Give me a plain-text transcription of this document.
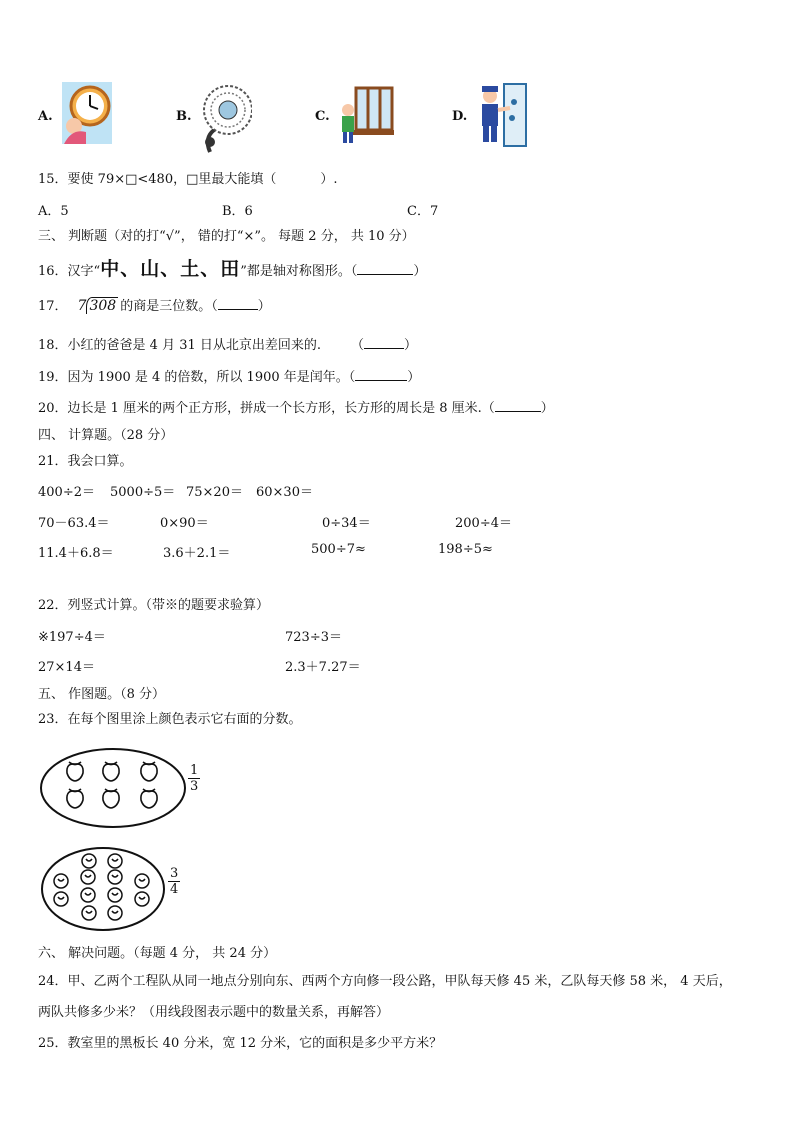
A.	B.	C.	D.
15．要使 79×□<480，□里最大能填（	）.
A．5	B．6	C．7
三、 判断题（对的打“√”， 错的打“×”。 每题 2 分， 共 10 分）
16．汉字“中、山、土、田”都是轴对称图形。（	）
17． 7 308 的商是三位数。（	）
18．小红的爸爸是 4 月 31 日从北京出差回来的. （	）
19．因为 1900 是 4 的倍数，所以 1900 年是闰年。（	）
20．边长是 1 厘米的两个正方形，拼成一个长方形，长方形的周长是 8 厘米.（	）
四、 计算题。（28 分）
21．我会口算。
400÷2＝ 5000÷5＝ 75×20＝ 60×30＝
70－63.4＝	0×90＝	0÷34＝	200÷4＝
11.4＋6.8＝	3.6＋2.1＝	500÷7≈	198÷5≈
22．列竖式计算。（带※的题要求验算）
※197÷4＝	723÷3＝
27×14＝	2.3＋7.27＝
五、 作图题。（8 分）
23．在每个图里涂上颜色表示它右面的分数。
$\frac{1}{3}$
$\frac{3}{4}$
六、 解决问题。（每题 4 分， 共 24 分）
24．甲、乙两个工程队从同一地点分别向东、西两个方向修一段公路，甲队每天修 45 米，乙队每天修 58 米， 4 天后，
两队共修多少米？（用线段图表示题中的数量关系，再解答）
25．教室里的黑板长 40 分米，宽 12 分米，它的面积是多少平方米？
